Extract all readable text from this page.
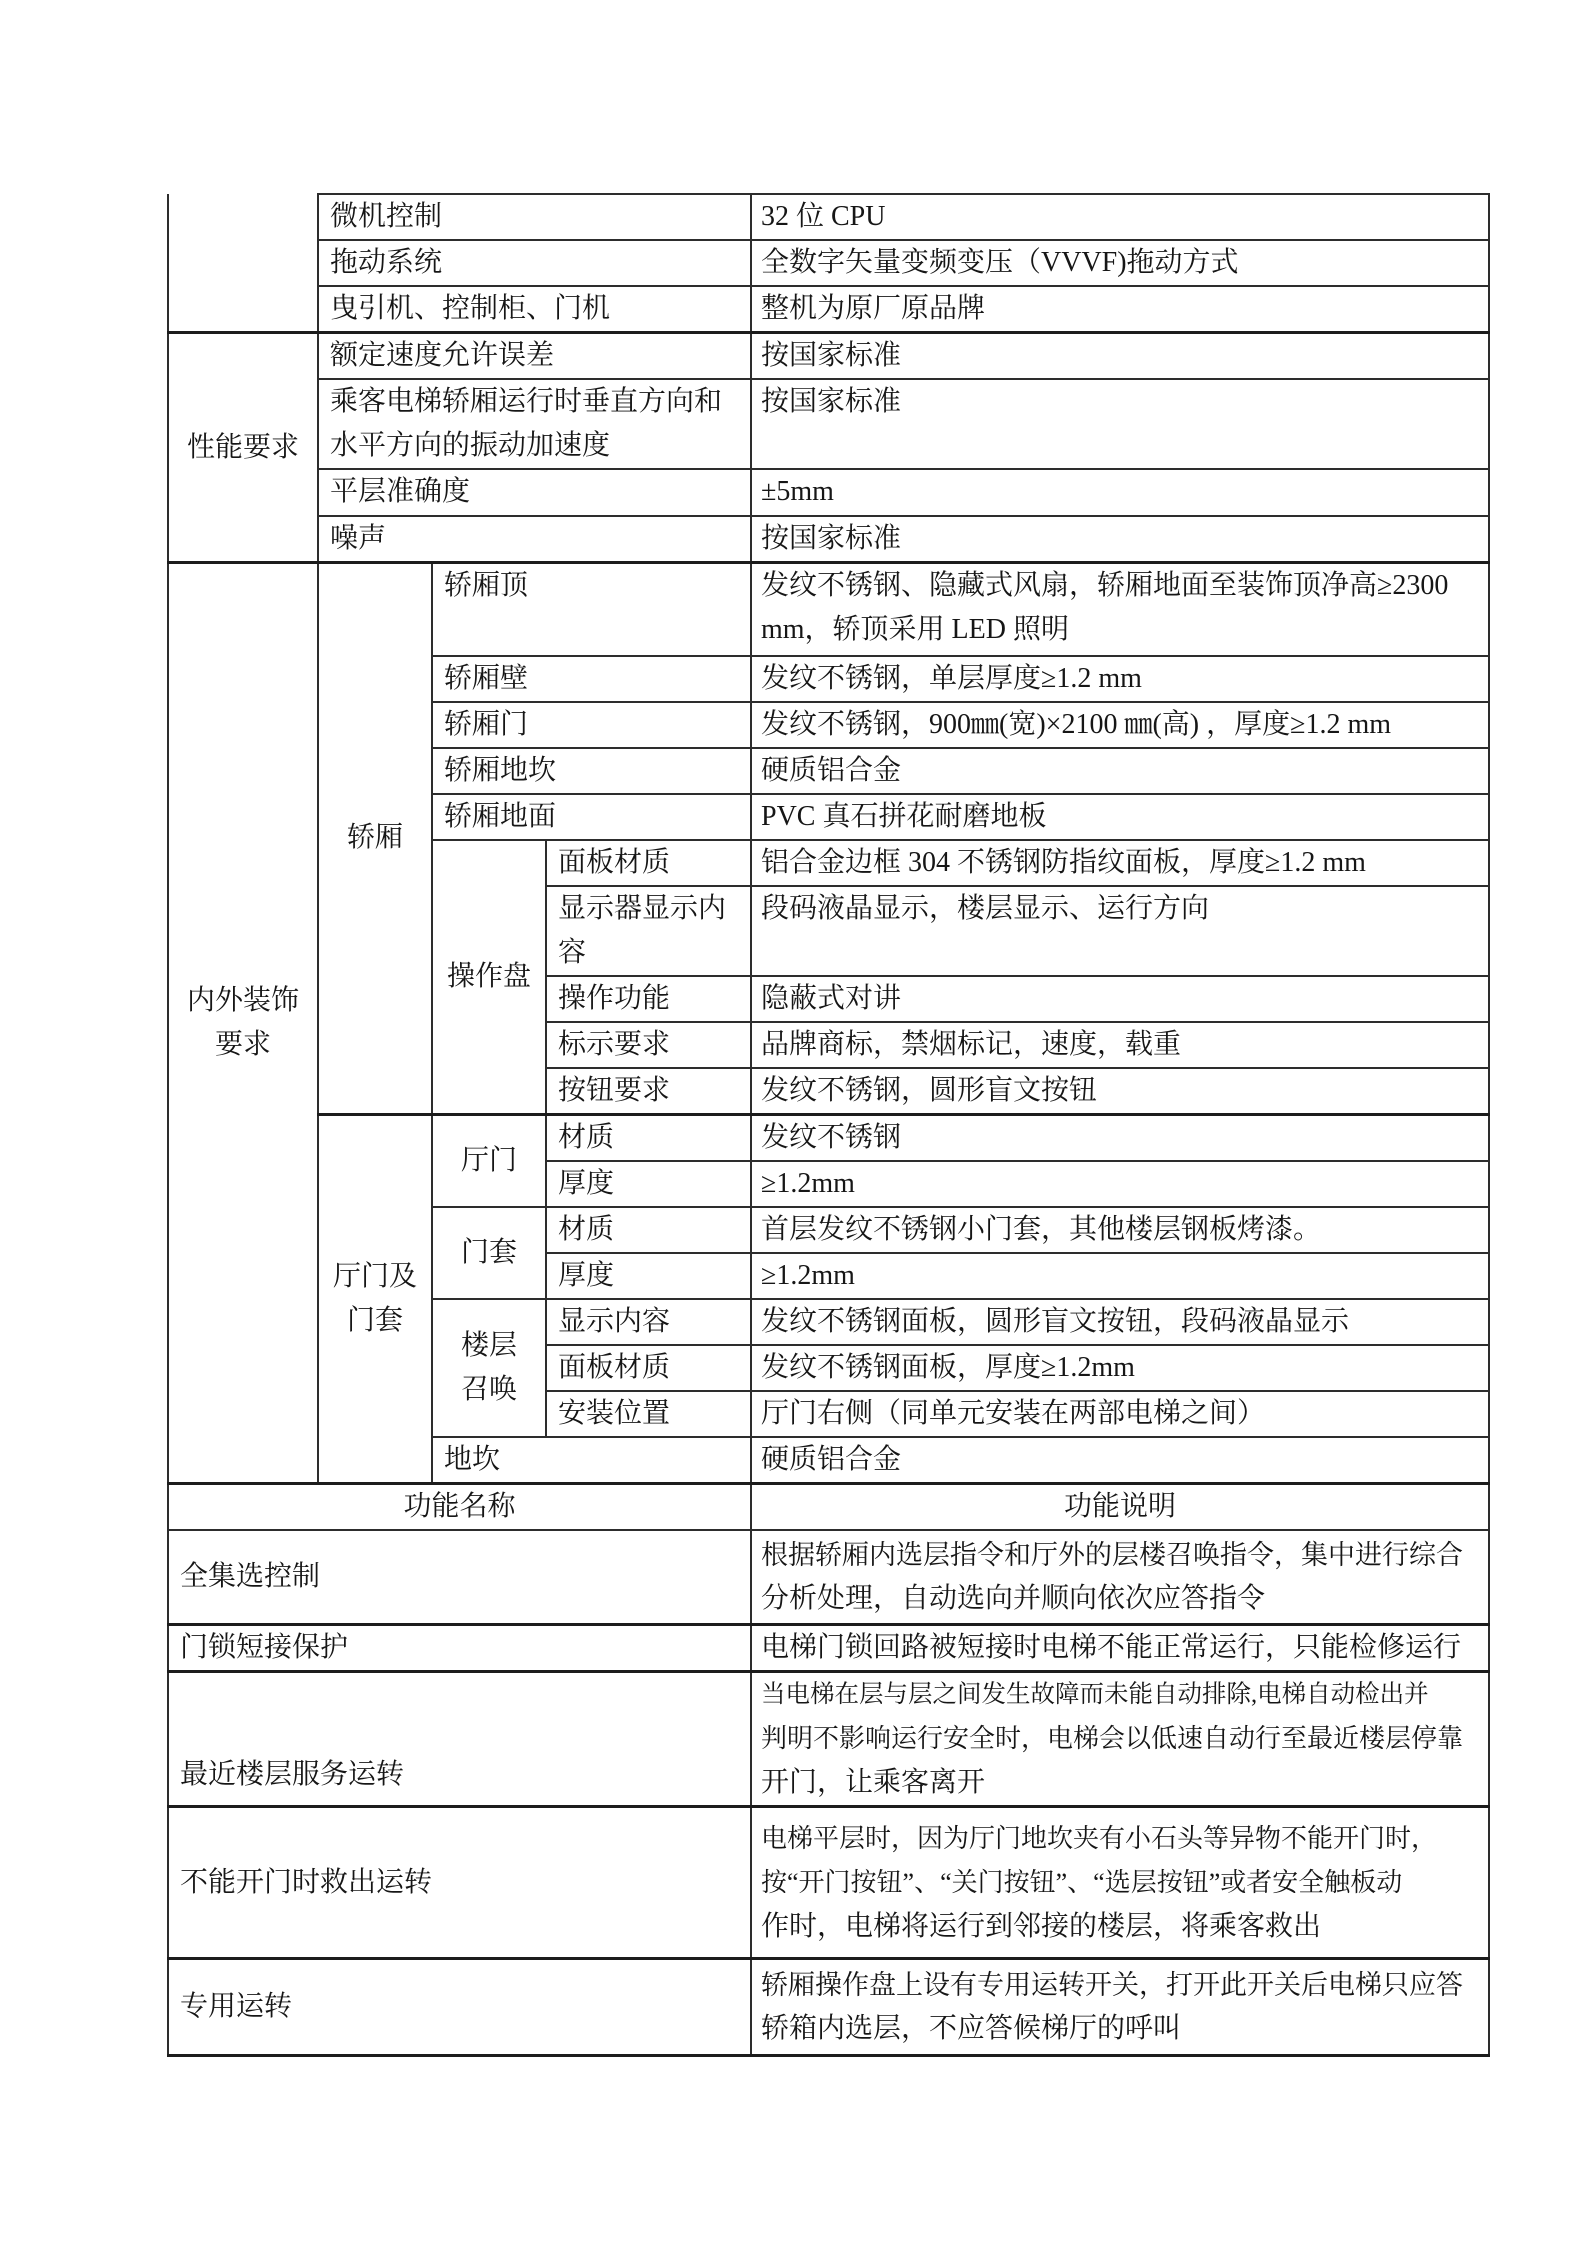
	微机控制			32 位 CPU
	拖动系统			全数字矢量变频变压（VVVF)拖动方式
	曳引机、控制柜、门机			整机为原厂原品牌
性能要求	额定速度允许误差			按国家标准

	乘客电梯轿厢运行时垂直方向和
水平方向的振动加速度			按国家标准
	平层准确度			±5mm
	噪声			按国家标准

内外装饰
要求
	轿厢	轿厢顶	发纹不锈钢、隐藏式风扇，轿厢地面至装饰顶净高≥2300
mm，轿顶采用 LED 照明

		轿厢壁		发纹不锈钢，单层厚度≥1.2 mm
		轿厢门		发纹不锈钢，900㎜(宽)×2100 ㎜(高) ，厚度≥1.2 mm
		轿厢地坎		硬质铝合金
		轿厢地面		PVC 真石拼花耐磨地板
		操作盘	面板材质	铝合金边框 304 不锈钢防指纹面板，厚度≥1.2 mm

			显示器显示内
容	段码液晶显示，楼层显示、运行方向
			操作功能	隐蔽式对讲
			标示要求	品牌商标，禁烟标记，速度，载重
			按钮要求	发纹不锈钢，圆形盲文按钮

	厅门及
门套	厅门	材质	发纹不锈钢
			厚度	≥1.2mm
		门套	材质	首层发纹不锈钢小门套，其他楼层钢板烤漆。
			厚度	≥1.2mm

		楼层
召唤	显示内容	发纹不锈钢面板，圆形盲文按钮，段码液晶显示
			面板材质	发纹不锈钢面板，厚度≥1.2mm
			安装位置	厅门右侧（同单元安装在两部电梯之间）
		地坎		硬质铝合金
功能名称				功能说明
全集选控制				根据轿厢内选层指令和厅外的层楼召唤指令，集中进行综合
分析处理，自动选向并顺向依次应答指令

门锁短接保护				电梯门锁回路被短接时电梯不能正常运行，只能检修运行
最近楼层服务运转				当电梯在层与层之间发生故障而未能自动排除,电梯自动检出并
判明不影响运行安全时，电梯会以低速自动行至最近楼层停靠
开门，让乘客离开

不能开门时救出运转				电梯平层时，因为厅门地坎夹有小石头等异物不能开门时，
按“开门按钮”、“关门按钮”、“选层按钮”或者安全触板动
作时，电梯将运行到邻接的楼层，将乘客救出

专用运转				轿厢操作盘上设有专用运转开关，打开此开关后电梯只应答
轿箱内选层，不应答候梯厅的呼叫
